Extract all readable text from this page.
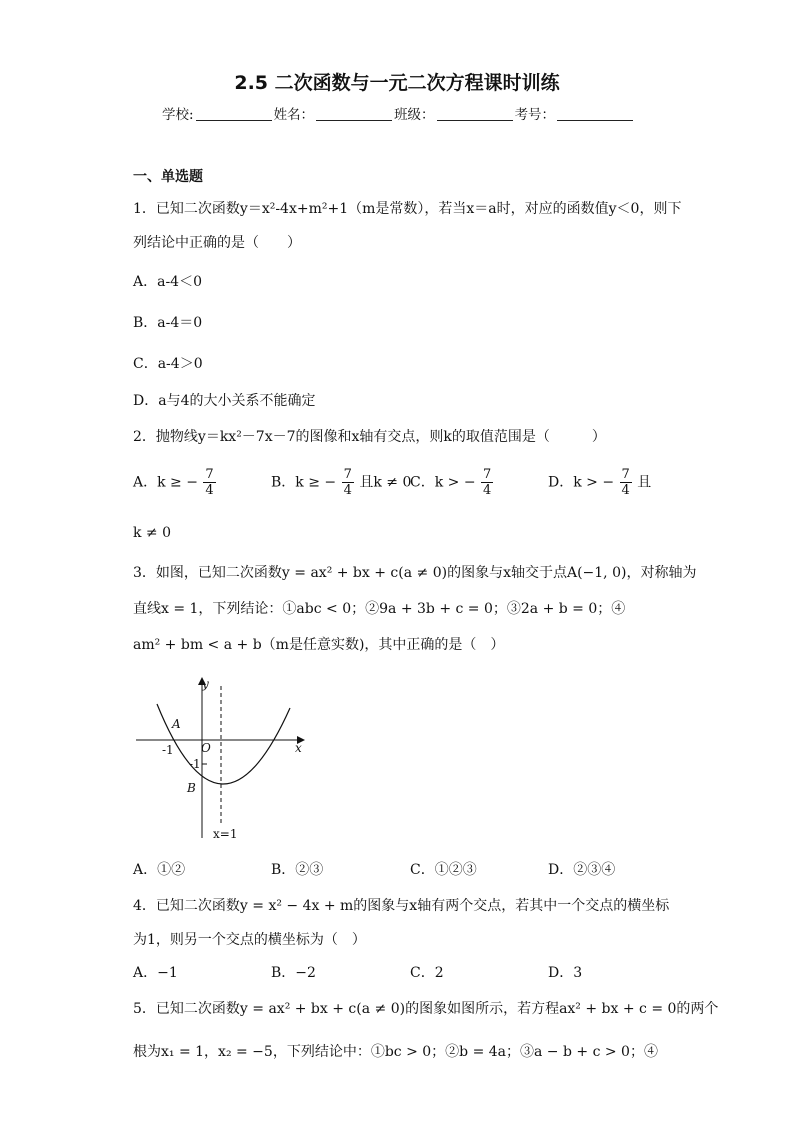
2.5 二次函数与一元二次方程课时训练
学校:	姓名：	班级：	考号：
一、单选题
1．已知二次函数y＝x²-4x+m²+1（m是常数），若当x＝a时，对应的函数值y＜0，则下
列结论中正确的是（　　）
A．a-4＜0
B．a-4＝0
C．a-4＞0
D．a与4的大小关系不能确定
2．抛物线y＝kx²－7x－7的图像和x轴有交点，则k的取值范围是（　　　）
A．k ≥ − $\frac{7}{4}$	B．k ≥ − $\frac{7}{4}$ 且k ≠ 0
C．k > − $\frac{7}{4}$	D．k > − $\frac{7}{4}$ 且
k ≠ 0
3．如图，已知二次函数y = ax² + bx + c(a ≠ 0)的图象与x轴交于点A(−1, 0)，对称轴为
直线x = 1，下列结论：①abc < 0；②9a + 3b + c = 0；③2a + b = 0；④
am² + bm < a + b（m是任意实数)，其中正确的是（　）
y
x
O
A
B
-1
-1
x=1
A．①②	B．②③	C．①②③	D．②③④
4．已知二次函数y = x² − 4x + m的图象与x轴有两个交点，若其中一个交点的横坐标
为1，则另一个交点的横坐标为（　）
A．−1	B．−2	C．2	D．3
5．已知二次函数y = ax² + bx + c(a ≠ 0)的图象如图所示，若方程ax² + bx + c = 0的两个
根为x₁ = 1，x₂ = −5，下列结论中：①bc > 0；②b = 4a；③a − b + c > 0；④
